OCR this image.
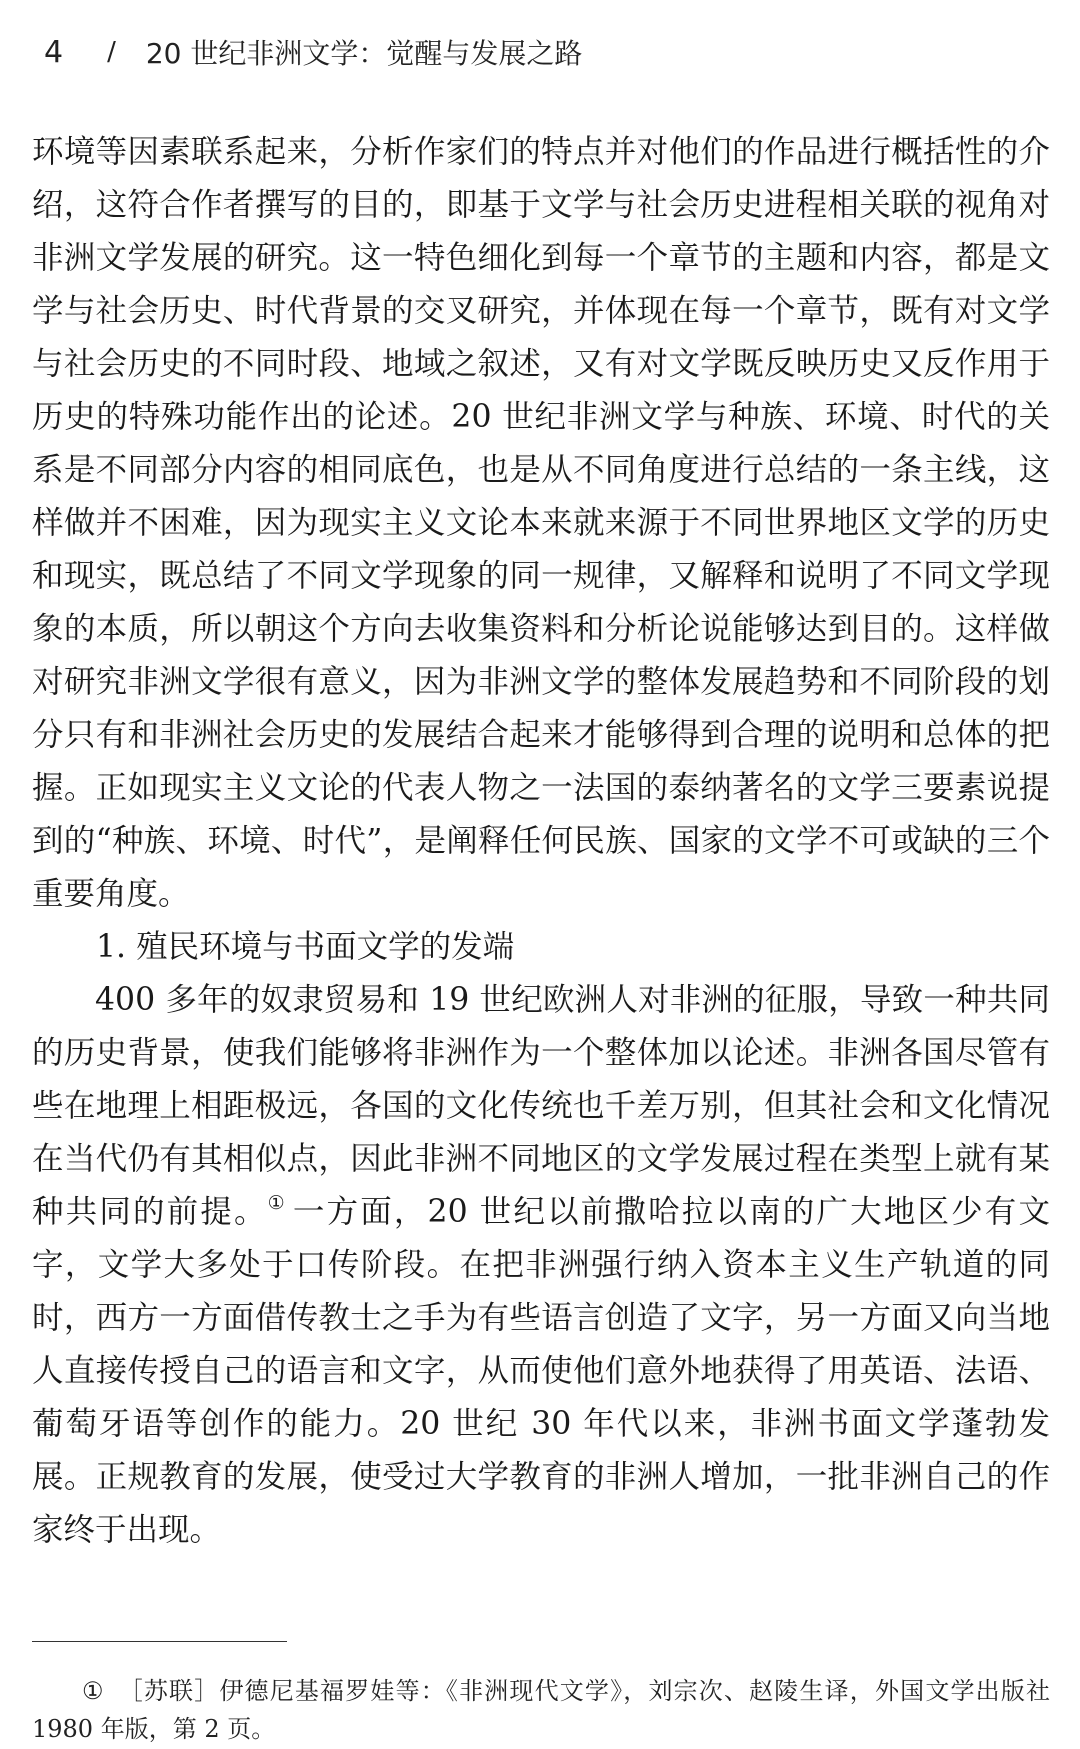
4 / 20 世纪非洲文学：觉醒与发展之路

环境等因素联系起来，分析作家们的特点并对他们的作品进行概括性的介绍，这符合作者撰写的目的，即基于文学与社会历史进程相关联的视角对非洲文学发展的研究。这一特色细化到每一个章节的主题和内容，都是文学与社会历史、时代背景的交叉研究，并体现在每一个章节，既有对文学与社会历史的不同时段、地域之叙述，又有对文学既反映历史又反作用于历史的特殊功能作出的论述。20 世纪非洲文学与种族、环境、时代的关系是不同部分内容的相同底色，也是从不同角度进行总结的一条主线，这样做并不困难，因为现实主义文论本来就来源于不同世界地区文学的历史和现实，既总结了不同文学现象的同一规律，又解释和说明了不同文学现象的本质，所以朝这个方向去收集资料和分析论说能够达到目的。这样做对研究非洲文学很有意义，因为非洲文学的整体发展趋势和不同阶段的划分只有和非洲社会历史的发展结合起来才能够得到合理的说明和总体的把握。正如现实主义文论的代表人物之一法国的泰纳著名的文学三要素说提到的“种族、环境、时代”，是阐释任何民族、国家的文学不可或缺的三个重要角度。

1. 殖民环境与书面文学的发端

400 多年的奴隶贸易和 19 世纪欧洲人对非洲的征服，导致一种共同的历史背景，使我们能够将非洲作为一个整体加以论述。非洲各国尽管有些在地理上相距极远，各国的文化传统也千差万别，但其社会和文化情况在当代仍有其相似点，因此非洲不同地区的文学发展过程在类型上就有某种共同的前提。① 一方面，20 世纪以前撒哈拉以南的广大地区少有文字，文学大多处于口传阶段。在把非洲强行纳入资本主义生产轨道的同时，西方一方面借传教士之手为有些语言创造了文字，另一方面又向当地人直接传授自己的语言和文字，从而使他们意外地获得了用英语、法语、葡萄牙语等创作的能力。20 世纪 30 年代以来，非洲书面文学蓬勃发展。正规教育的发展，使受过大学教育的非洲人增加，一批非洲自己的作家终于出现。

① ［苏联］伊德尼基福罗娃等：《非洲现代文学》，刘宗次、赵陵生译，外国文学出版社 1980 年版，第 2 页。
